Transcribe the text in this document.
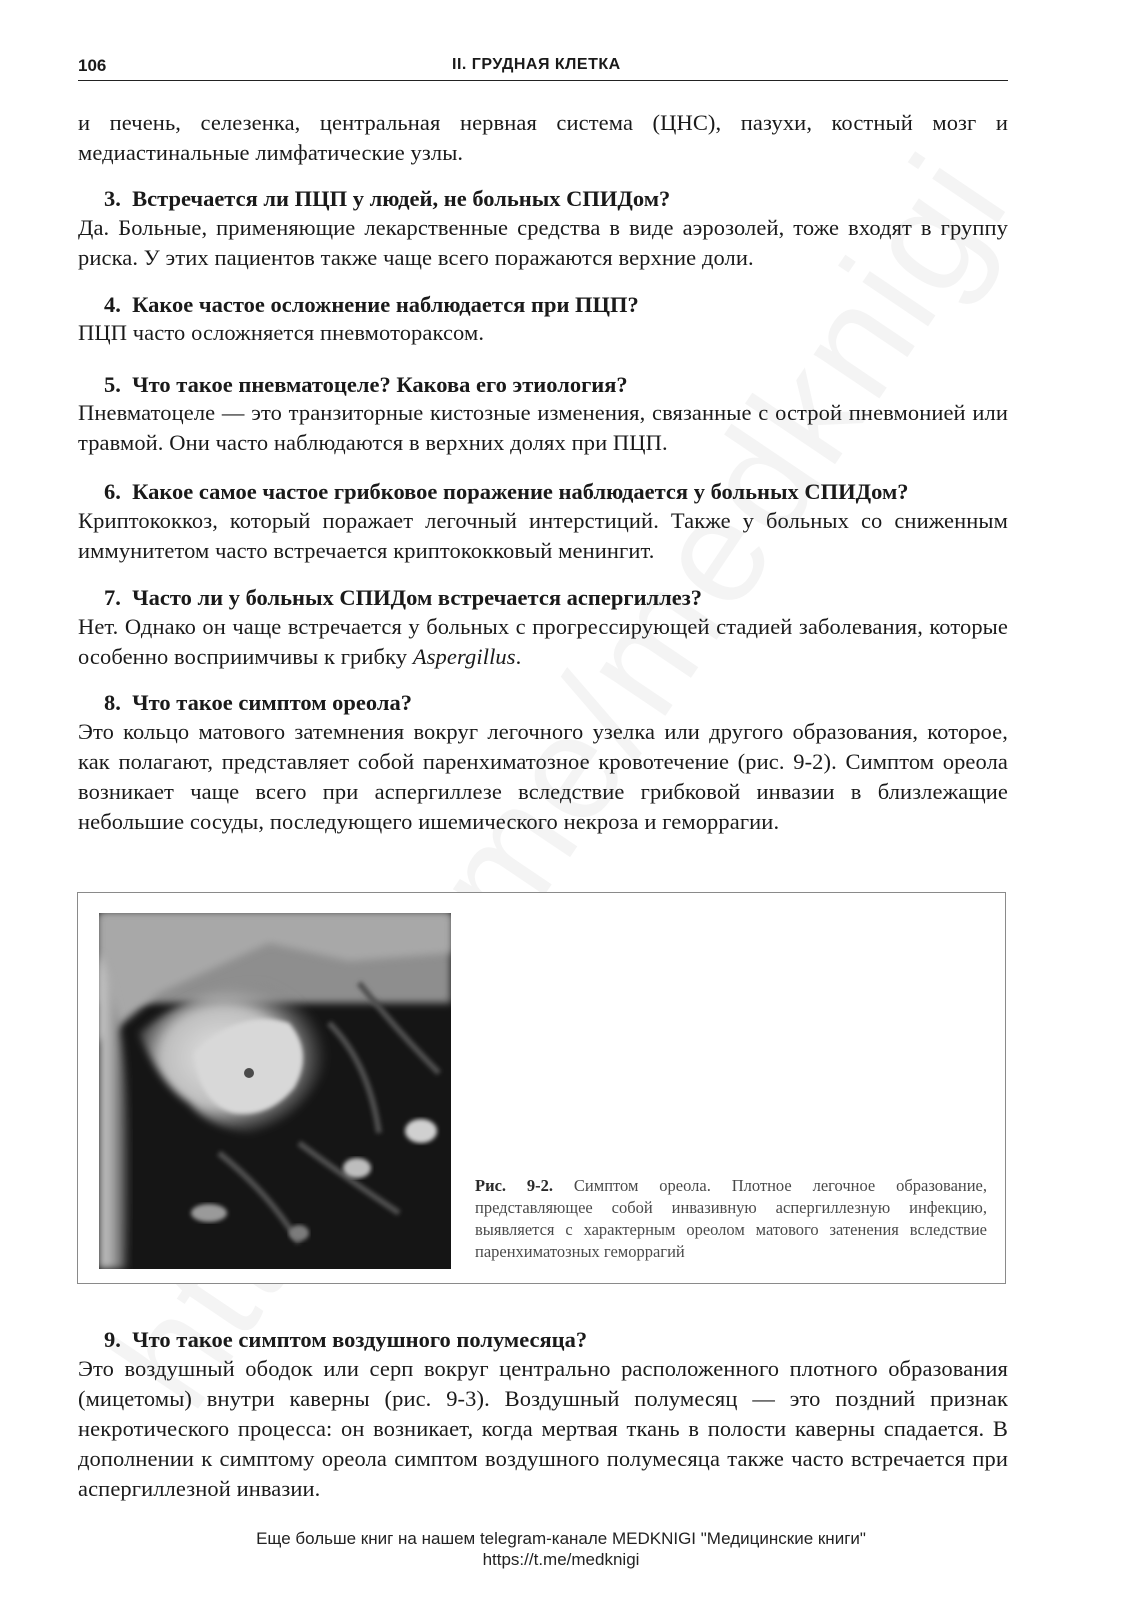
106	II. ГРУДНАЯ КЛЕТКА

и печень, селезенка, центральная нервная система (ЦНС), пазухи, костный мозг и медиастинальные лимфатические узлы.

3.  Встречается ли ПЦП у людей, не больных СПИДом?

Да. Больные, применяющие лекарственные средства в виде аэрозолей, тоже входят в группу риска. У этих пациентов также чаще всего поражаются верхние доли.

4.  Какое частое осложнение наблюдается при ПЦП?

ПЦП часто осложняется пневмотораксом.

5.  Что такое пневматоцеле? Какова его этиология?

Пневматоцеле — это транзиторные кистозные изменения, связанные с острой пневмонией или травмой. Они часто наблюдаются в верхних долях при ПЦП.

6.  Какое самое частое грибковое поражение наблюдается у больных СПИДом?

Криптококкоз, который поражает легочный интерстиций. Также у больных со сниженным иммунитетом часто встречается криптококковый менингит.

7.  Часто ли у больных СПИДом встречается аспергиллез?

Нет. Однако он чаще встречается у больных с прогрессирующей стадией заболевания, которые особенно восприимчивы к грибку Aspergillus.

8.  Что такое симптом ореола?

Это кольцо матового затемнения вокруг легочного узелка или другого образования, которое, как полагают, представляет собой паренхиматозное кровотечение (рис. 9-2). Симптом ореола возникает чаще всего при аспергиллезе вследствие грибковой инвазии в близлежащие небольшие сосуды, последующего ишемического некроза и геморрагии.

Рис. 9-2. Симптом ореола. Плотное легочное образование, представляющее собой инвазивную аспергиллезную инфекцию, выявляется с характерным ореолом матового затенения вследствие паренхиматозных геморрагий

9.  Что такое симптом воздушного полумесяца?

Это воздушный ободок или серп вокруг центрально расположенного плотного образования (мицетомы) внутри каверны (рис. 9-3). Воздушный полумесяц — это поздний признак некротического процесса: он возникает, когда мертвая ткань в полости каверны спадается. В дополнении к симптому ореола симптом воздушного полумесяца также часто встречается при аспергиллезной инвазии.

Еще больше книг на нашем telegram-канале MEDKNIGI "Медицинские книги"
https://t.me/medknigi
